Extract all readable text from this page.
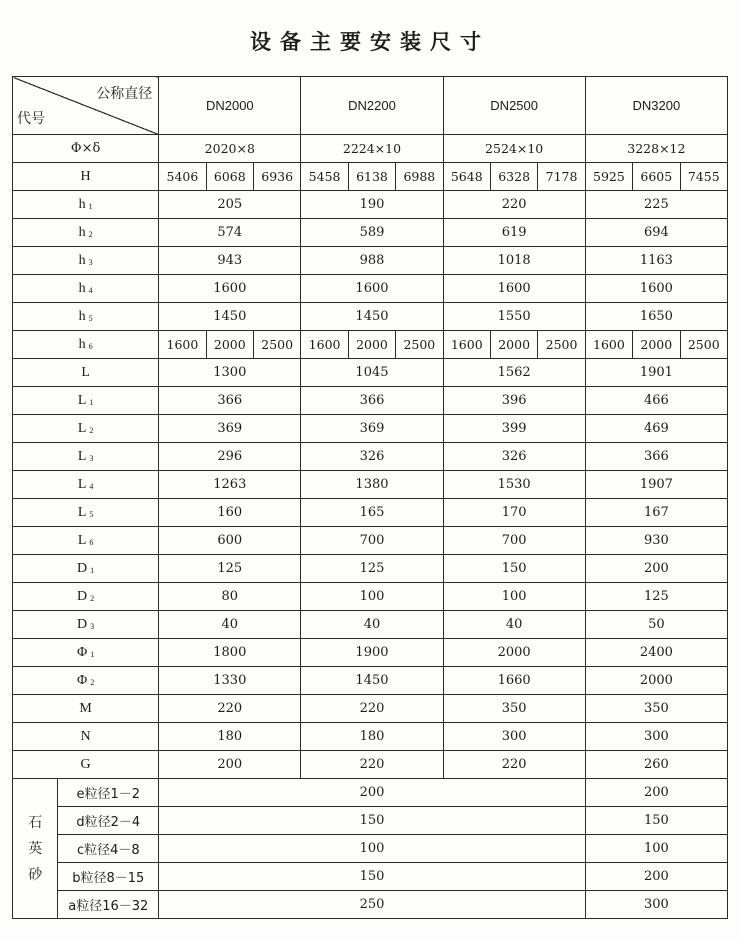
设备主要安装尺寸
公称直径
代号		DN2000			DN2200			DN2500			DN3200		
Φ×δ		2020×8			2224×10			2524×10			3228×12		
H		5406	6068	6936	5458	6138	6988	5648	6328	7178	5925	6605	7455
h $_1$		205			190			220			225		
h $_2$		574			589			619			694		
h $_3$		943			988			1018			1163		
h $_4$		1600			1600			1600			1600		
h $_5$		1450			1450			1550			1650		
h $_6$		1600	2000	2500	1600	2000	2500	1600	2000	2500	1600	2000	2500
L		1300			1045			1562			1901		
L $_1$		366			366			396			466		
L $_2$		369			369			399			469		
L $_3$		296			326			326			366		
L $_4$		1263			1380			1530			1907		
L $_5$		160			165			170			167		
L $_6$		600			700			700			930		
D $_1$		125			125			150			200		
D $_2$		80			100			100			125		
D $_3$		40			40			40			50		
Φ $_1$		1800			1900			2000			2400		
Φ $_2$		1330			1450			1660			2000		
M		220			220			350			350		
N		180			180			300			300		
G		200			220			220			260		

石
英
砂	e粒径1－2	200									200		
	d粒径2－4	150									150		
	c粒径4－8	100									100		
	b粒径8－15	150									200		
	a粒径16－32	250									300		
